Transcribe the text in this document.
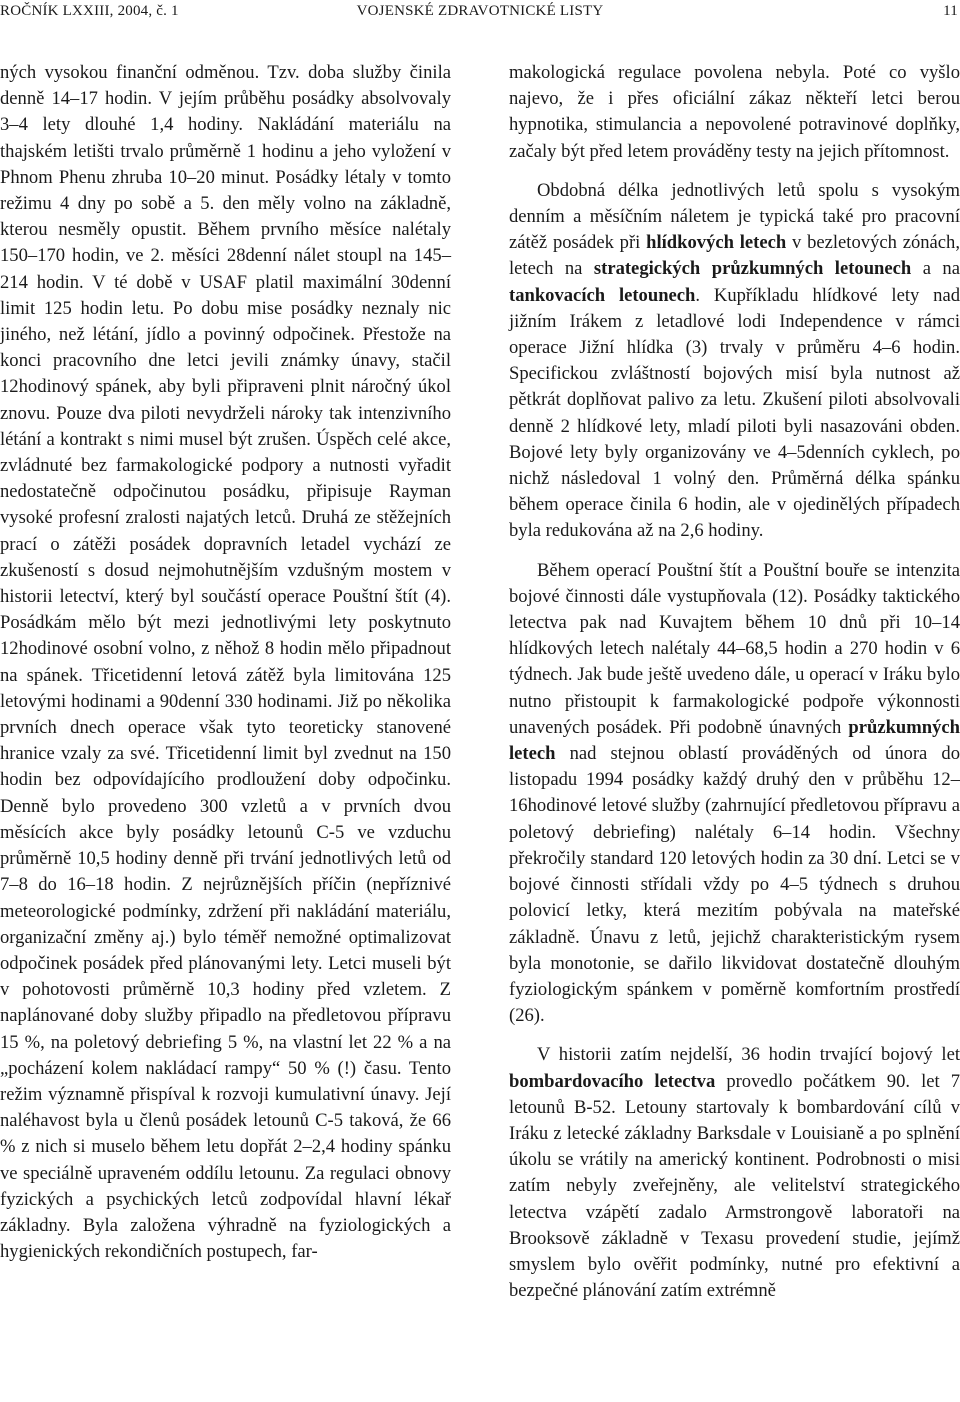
ROČNÍK LXXIII, 2004, č. 1	VOJENSKÉ ZDRAVOTNICKÉ LISTY	11

ných vysokou finanční odměnou. Tzv. doba služby činila denně 14–17 hodin. V jejím průběhu posádky absolvovaly 3–4 lety dlouhé 1,4 hodiny. Nakládání materiálu na thajském letišti trvalo průměrně 1 hodinu a jeho vyložení v Phnom Phenu zhruba 10–20 minut. Posádky létaly v tomto režimu 4 dny po sobě a 5. den měly volno na základně, kterou nesměly opustit. Během prvního měsíce nalétaly 150–170 hodin, ve 2. měsíci 28denní nálet stoupl na 145–214 hodin. V té době v USAF platil maximální 30denní limit 125 hodin letu. Po dobu mise posádky neznaly nic jiného, než létání, jídlo a povinný odpočinek. Přestože na konci pracovního dne letci jevili známky únavy, stačil 12hodinový spánek, aby byli připraveni plnit náročný úkol znovu. Pouze dva piloti nevydrželi nároky tak intenzivního létání a kontrakt s nimi musel být zrušen. Úspěch celé akce, zvládnuté bez farmakologické podpory a nutnosti vyřadit nedostatečně odpočinutou posádku, připisuje Rayman vysoké profesní zralosti najatých letců. Druhá ze stěžejních prací o zátěži posádek dopravních letadel vychází ze zkušeností s dosud nejmohutnějším vzdušným mostem v historii letectví, který byl součástí operace Pouštní štít (4). Posádkám mělo být mezi jednotlivými lety poskytnuto 12hodinové osobní volno, z něhož 8 hodin mělo připadnout na spánek. Třicetidenní letová zátěž byla limitována 125 letovými hodinami a 90denní 330 hodinami. Již po několika prvních dnech operace však tyto teoreticky stanovené hranice vzaly za své. Třicetidenní limit byl zvednut na 150 hodin bez odpovídajícího prodloužení doby odpočinku. Denně bylo provedeno 300 vzletů a v prvních dvou měsících akce byly posádky letounů C-5 ve vzduchu průměrně 10,5 hodiny denně při trvání jednotlivých letů od 7–8 do 16–18 hodin. Z nejrůznějších příčin (nepříznivé meteorologické podmínky, zdržení při nakládání materiálu, organizační změny aj.) bylo téměř nemožné optimalizovat odpočinek posádek před plánovanými lety. Letci museli být v pohotovosti průměrně 10,3 hodiny před vzletem. Z naplánované doby služby připadlo na předletovou přípravu 15 %, na poletový debriefing 5 %, na vlastní let 22 % a na „pocházení kolem nakládací rampy“ 50 % (!) času. Tento režim významně přispíval k rozvoji kumulativní únavy. Její naléhavost byla u členů posádek letounů C-5 taková, že 66 % z nich si muselo během letu dopřát 2–2,4 hodiny spánku ve speciálně upraveném oddílu letounu. Za regulaci obnovy fyzických a psychických letců zodpovídal hlavní lékař základny. Byla založena výhradně na fyziologických a hygienických rekondičních postupech, far-

makologická regulace povolena nebyla. Poté co vyšlo najevo, že i přes oficiální zákaz někteří letci berou hypnotika, stimulancia a nepovolené potravinové doplňky, začaly být před letem prováděny testy na jejich přítomnost.

Obdobná délka jednotlivých letů spolu s vysokým denním a měsíčním náletem je typická také pro pracovní zátěž posádek při hlídkových letech v bezletových zónách, letech na strategických průzkumných letounech a na tankovacích letounech. Kupříkladu hlídkové lety nad jižním Irákem z letadlové lodi Independence v rámci operace Jižní hlídka (3) trvaly v průměru 4–6 hodin. Specifickou zvláštností bojových misí byla nutnost až pětkrát doplňovat palivo za letu. Zkušení piloti absolvovali denně 2 hlídkové lety, mladí piloti byli nasazováni obden. Bojové lety byly organizovány ve 4–5denních cyklech, po nichž následoval 1 volný den. Průměrná délka spánku během operace činila 6 hodin, ale v ojedinělých případech byla redukována až na 2,6 hodiny.

Během operací Pouštní štít a Pouštní bouře se intenzita bojové činnosti dále vystupňovala (12). Posádky taktického letectva pak nad Kuvajtem během 10 dnů při 10–14 hlídkových letech nalétaly 44–68,5 hodin a 270 hodin v 6 týdnech. Jak bude ještě uvedeno dále, u operací v Iráku bylo nutno přistoupit k farmakologické podpoře výkonnosti unavených posádek. Při podobně únavných průzkumných letech nad stejnou oblastí prováděných od února do listopadu 1994 posádky každý druhý den v průběhu 12–16hodinové letové služby (zahrnující předletovou přípravu a poletový debriefing) nalétaly 6–14 hodin. Všechny překročily standard 120 letových hodin za 30 dní. Letci se v bojové činnosti střídali vždy po 4–5 týdnech s druhou polovicí letky, která mezitím pobývala na mateřské základně. Únavu z letů, jejichž charakteristickým rysem byla monotonie, se dařilo likvidovat dostatečně dlouhým fyziologickým spánkem v poměrně komfortním prostředí (26).

V historii zatím nejdelší, 36 hodin trvající bojový let bombardovacího letectva provedlo počátkem 90. let 7 letounů B-52. Letouny startovaly k bombardování cílů v Iráku z letecké základny Barksdale v Louisianě a po splnění úkolu se vrátily na americký kontinent. Podrobnosti o misi zatím nebyly zveřejněny, ale velitelství strategického letectva vzápětí zadalo Armstrongově laboratoři na Brooksově základně v Texasu provedení studie, jejímž smyslem bylo ověřit podmínky, nutné pro efektivní a bezpečné plánování zatím extrémně
